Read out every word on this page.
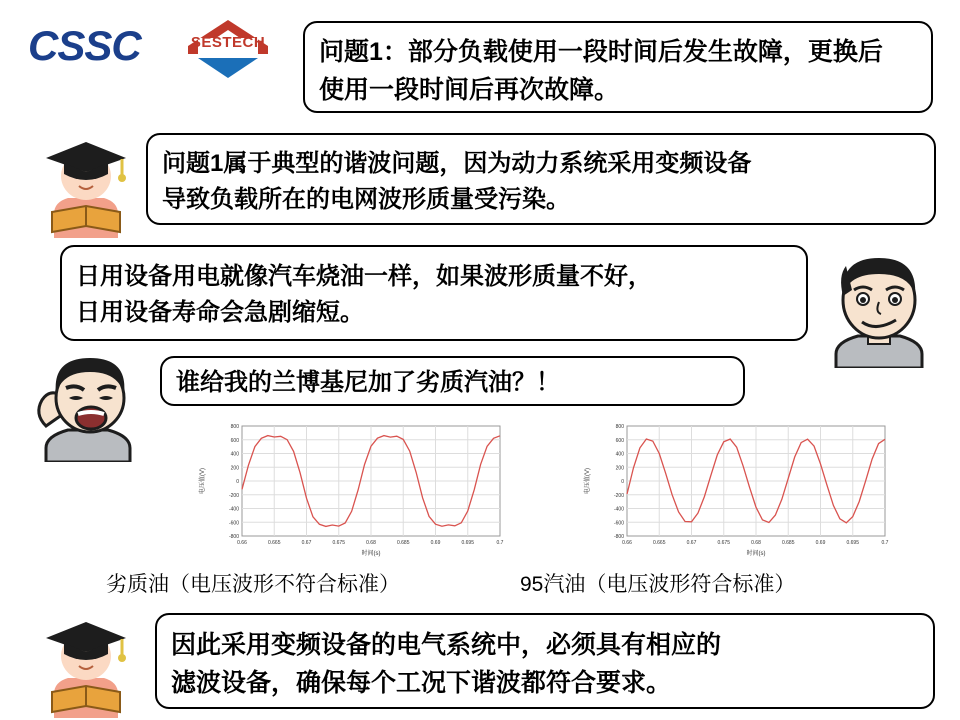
CSSC	SESTECH	问题1：部分负载使用一段时间后发生故障，更换后
使用一段时间后再次故障。
问题1属于典型的谐波问题，因为动力系统采用变频设备
导致负载所在的电网波形质量受污染。
日用设备用电就像汽车烧油一样，如果波形质量不好，
日用设备寿命会急剧缩短。
谁给我的兰博基尼加了劣质汽油？！
800
600
400
200
0
-200
-400
-600
-800
0.66	0.665	0.67	0.675	0.68	0.685	0.69	0.695	0.7
时间(s)
电压值(V)
800
600
400
200
0
-200
-400
-600
-800
0.66	0.665	0.67	0.675	0.68	0.685	0.69	0.695	0.7
时间(s)
电压值(V)
劣质油（电压波形不符合标准）	95汽油（电压波形符合标准）
因此采用变频设备的电气系统中，必须具有相应的
滤波设备，确保每个工况下谐波都符合要求。
